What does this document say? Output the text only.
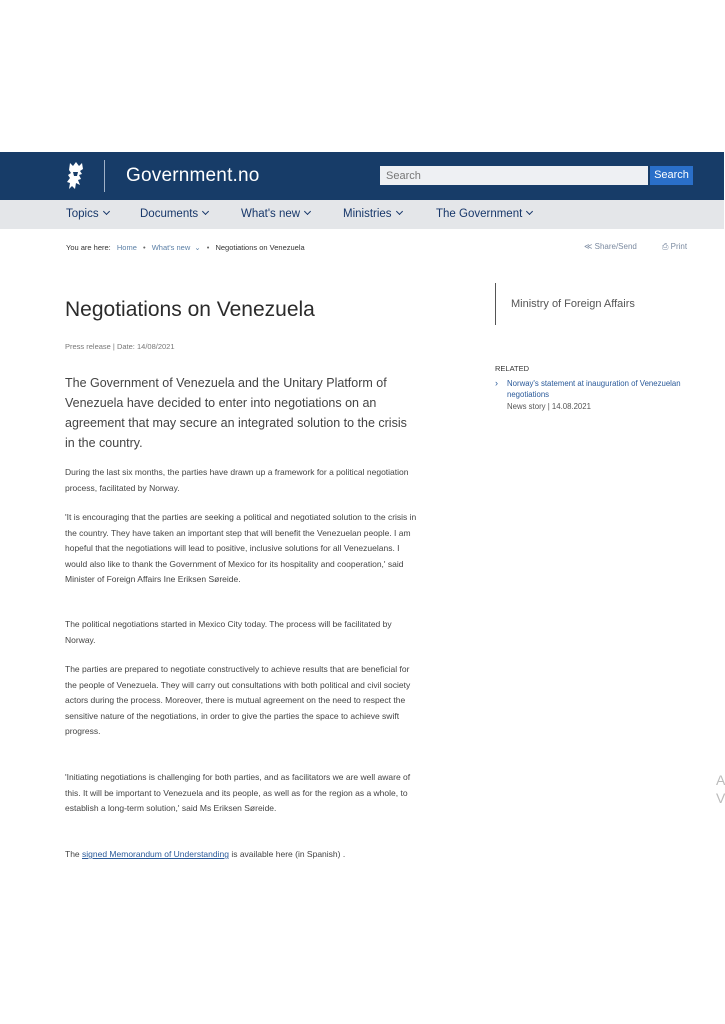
Government.no
Search	Search
Topics	Documents	What's new	Ministries	The Government
You are here: Home • What's new ⌄ • Negotiations on Venezuela	≪ Share/Send	⎙ Print
Negotiations on Venezuela
Press release | Date: 14/08/2021

The Government of Venezuela and the Unitary Platform of Venezuela have decided to enter into negotiations on an agreement that may secure an integrated solution to the crisis in the country.

During the last six months, the parties have drawn up a framework for a political negotiation process, facilitated by Norway.

'It is encouraging that the parties are seeking a political and negotiated solution to the crisis in the country. They have taken an important step that will benefit the Venezuelan people. I am hopeful that the negotiations will lead to positive, inclusive solutions for all Venezuelans. I would also like to thank the Government of Mexico for its hospitality and cooperation,' said Minister of Foreign Affairs Ine Eriksen Søreide.

The political negotiations started in Mexico City today. The process will be facilitated by Norway.

The parties are prepared to negotiate constructively to achieve results that are beneficial for the people of Venezuela. They will carry out consultations with both political and civil society actors during the process. Moreover, there is mutual agreement on the need to respect the sensitive nature of the negotiations, in order to give the parties the space to achieve swift progress.

'Initiating negotiations is challenging for both parties, and as facilitators we are well aware of this. It will be important to Venezuela and its people, as well as for the region as a whole, to establish a long-term solution,' said Ms Eriksen Søreide.

The signed Memorandum of Understanding is available here (in Spanish) .

Ministry of Foreign Affairs
RELATED
› Norway's statement at inauguration of Venezuelan negotiations
News story | 14.08.2021
A
V
